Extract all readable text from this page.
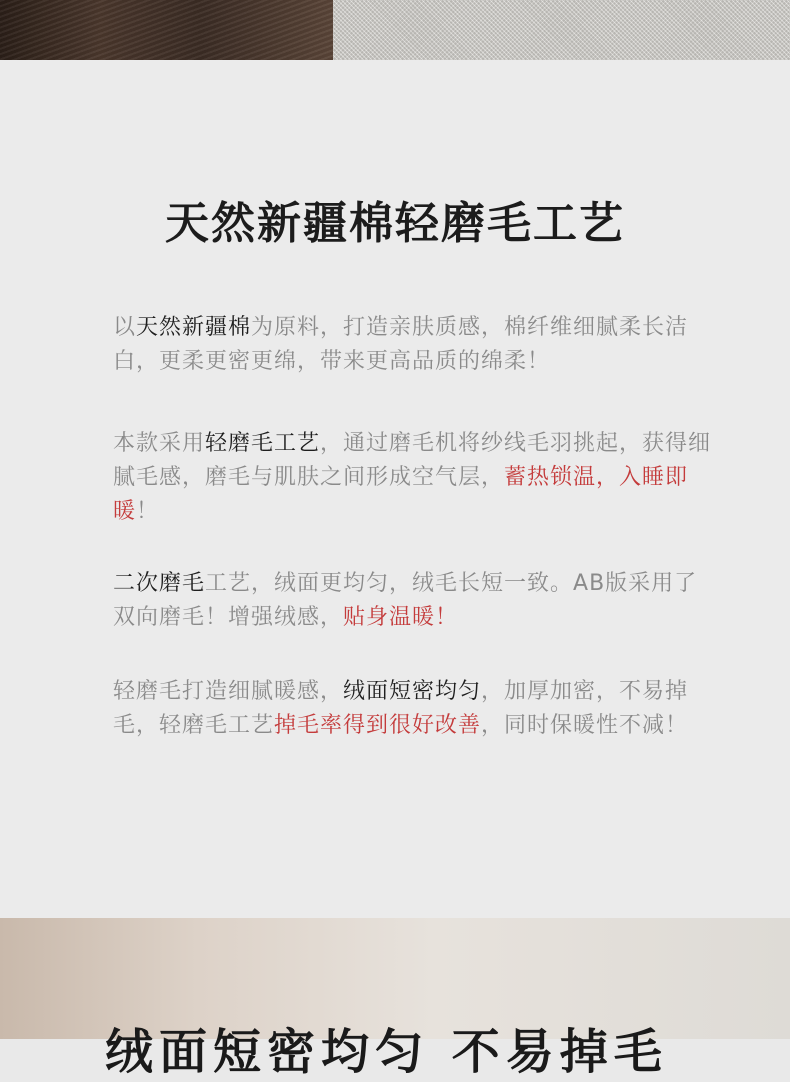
天然新疆棉轻磨毛工艺
以天然新疆棉为原料，打造亲肤质感，棉纤维细腻柔长洁白，更柔更密更绵，带来更高品质的绵柔！
本款采用轻磨毛工艺，通过磨毛机将纱线毛羽挑起，获得细腻毛感，磨毛与肌肤之间形成空气层，蓄热锁温，入睡即暖！
二次磨毛工艺，绒面更均匀，绒毛长短一致。AB版采用了双向磨毛！增强绒感，贴身温暖！
轻磨毛打造细腻暖感，绒面短密均匀，加厚加密，不易掉毛，轻磨毛工艺掉毛率得到很好改善，同时保暖性不减！
绒面短密均匀 不易掉毛
